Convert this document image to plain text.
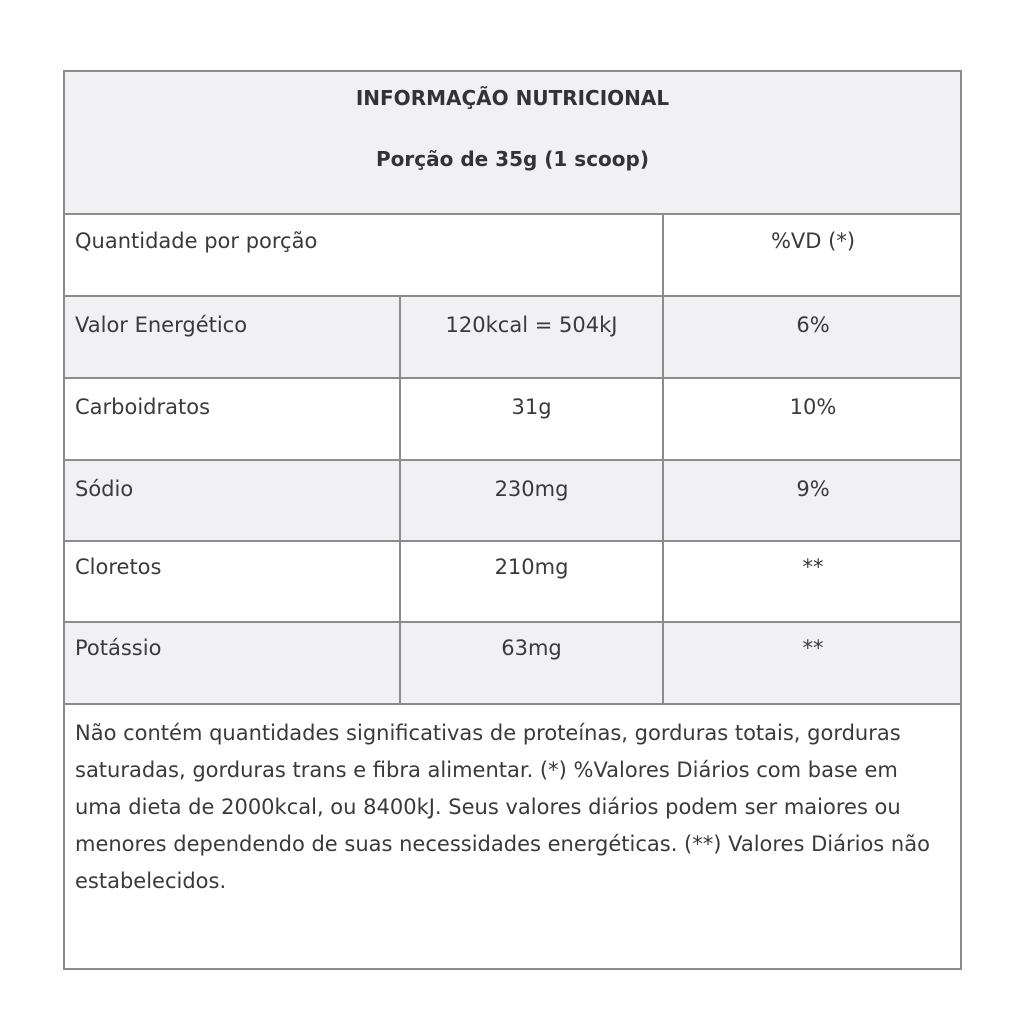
INFORMAÇÃO NUTRICIONAL
Porção de 35g (1 scoop)
Quantidade por porção	%VD (*)
Valor Energético	120kcal = 504kJ	6%
Carboidratos	31g	10%
Sódio	230mg	9%
Cloretos	210mg	**
Potássio	63mg	**
Não contém quantidades significativas de proteínas, gorduras totais, gorduras saturadas, gorduras trans e fibra alimentar. (*) %Valores Diários com base em uma dieta de 2000kcal, ou 8400kJ. Seus valores diários podem ser maiores ou menores dependendo de suas necessidades energéticas. (**) Valores Diários não estabelecidos.
